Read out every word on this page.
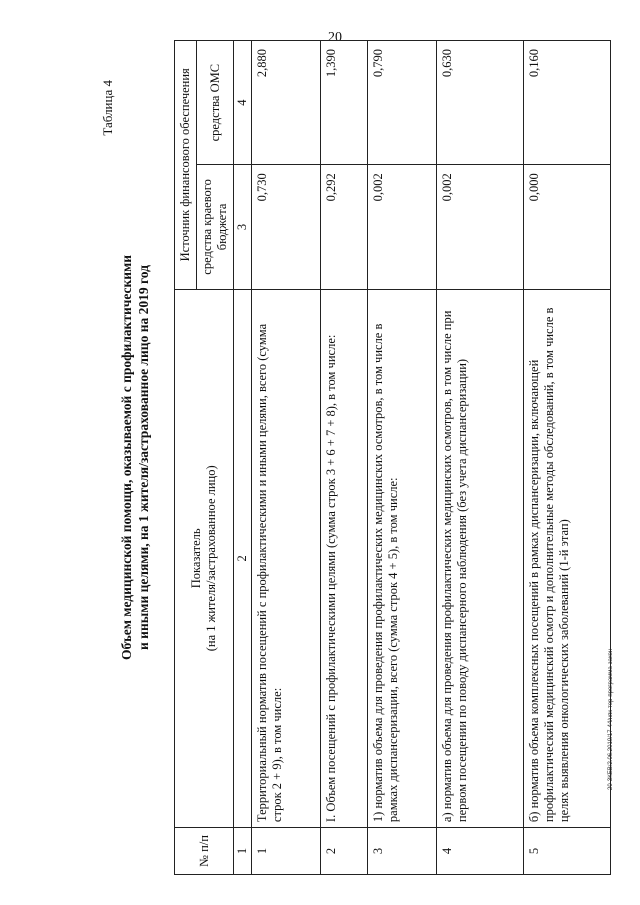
20
20-ЗКЕВ/2.06.2019/17-44/нпк-тер-программа-закон
Таблица 4
Объем медицинской помощи, оказываемой с профилактическими и иными целями, на 1 жителя/застрахованное лицо на 2019 год
№ п/п	Показатель (на 1 жителя/застрахованное лицо)	Источник финансового обеспечения	
		средства краевого бюджета	средства ОМС
1	2	3	4
1	Территориальный норматив посещений с профилактическими и иными целями, всего (сумма строк 2 + 9), в том числе:	0,730	2,880
2	I. Объем посещений с профилактическими целями (сумма строк 3 + 6 + 7 + 8), в том числе:	0,292	1,390
3	1) норматив объема для проведения профилактических медицинских осмотров, в том числе в рамках диспансеризации, всего (сумма строк 4 + 5), в том числе:	0,002	0,790
4	а) норматив объема для проведения профилактических медицинских осмотров, в том числе при первом посещении по поводу диспансерного наблюдения (без учета диспансеризации)	0,002	0,630
5	б) норматив объема комплексных посещений в рамках диспансеризации, включающей профилактический медицинский осмотр и дополнительные методы обследований, в том числе в целях выявления онкологических заболеваний (1-й этап)	0,000	0,160
